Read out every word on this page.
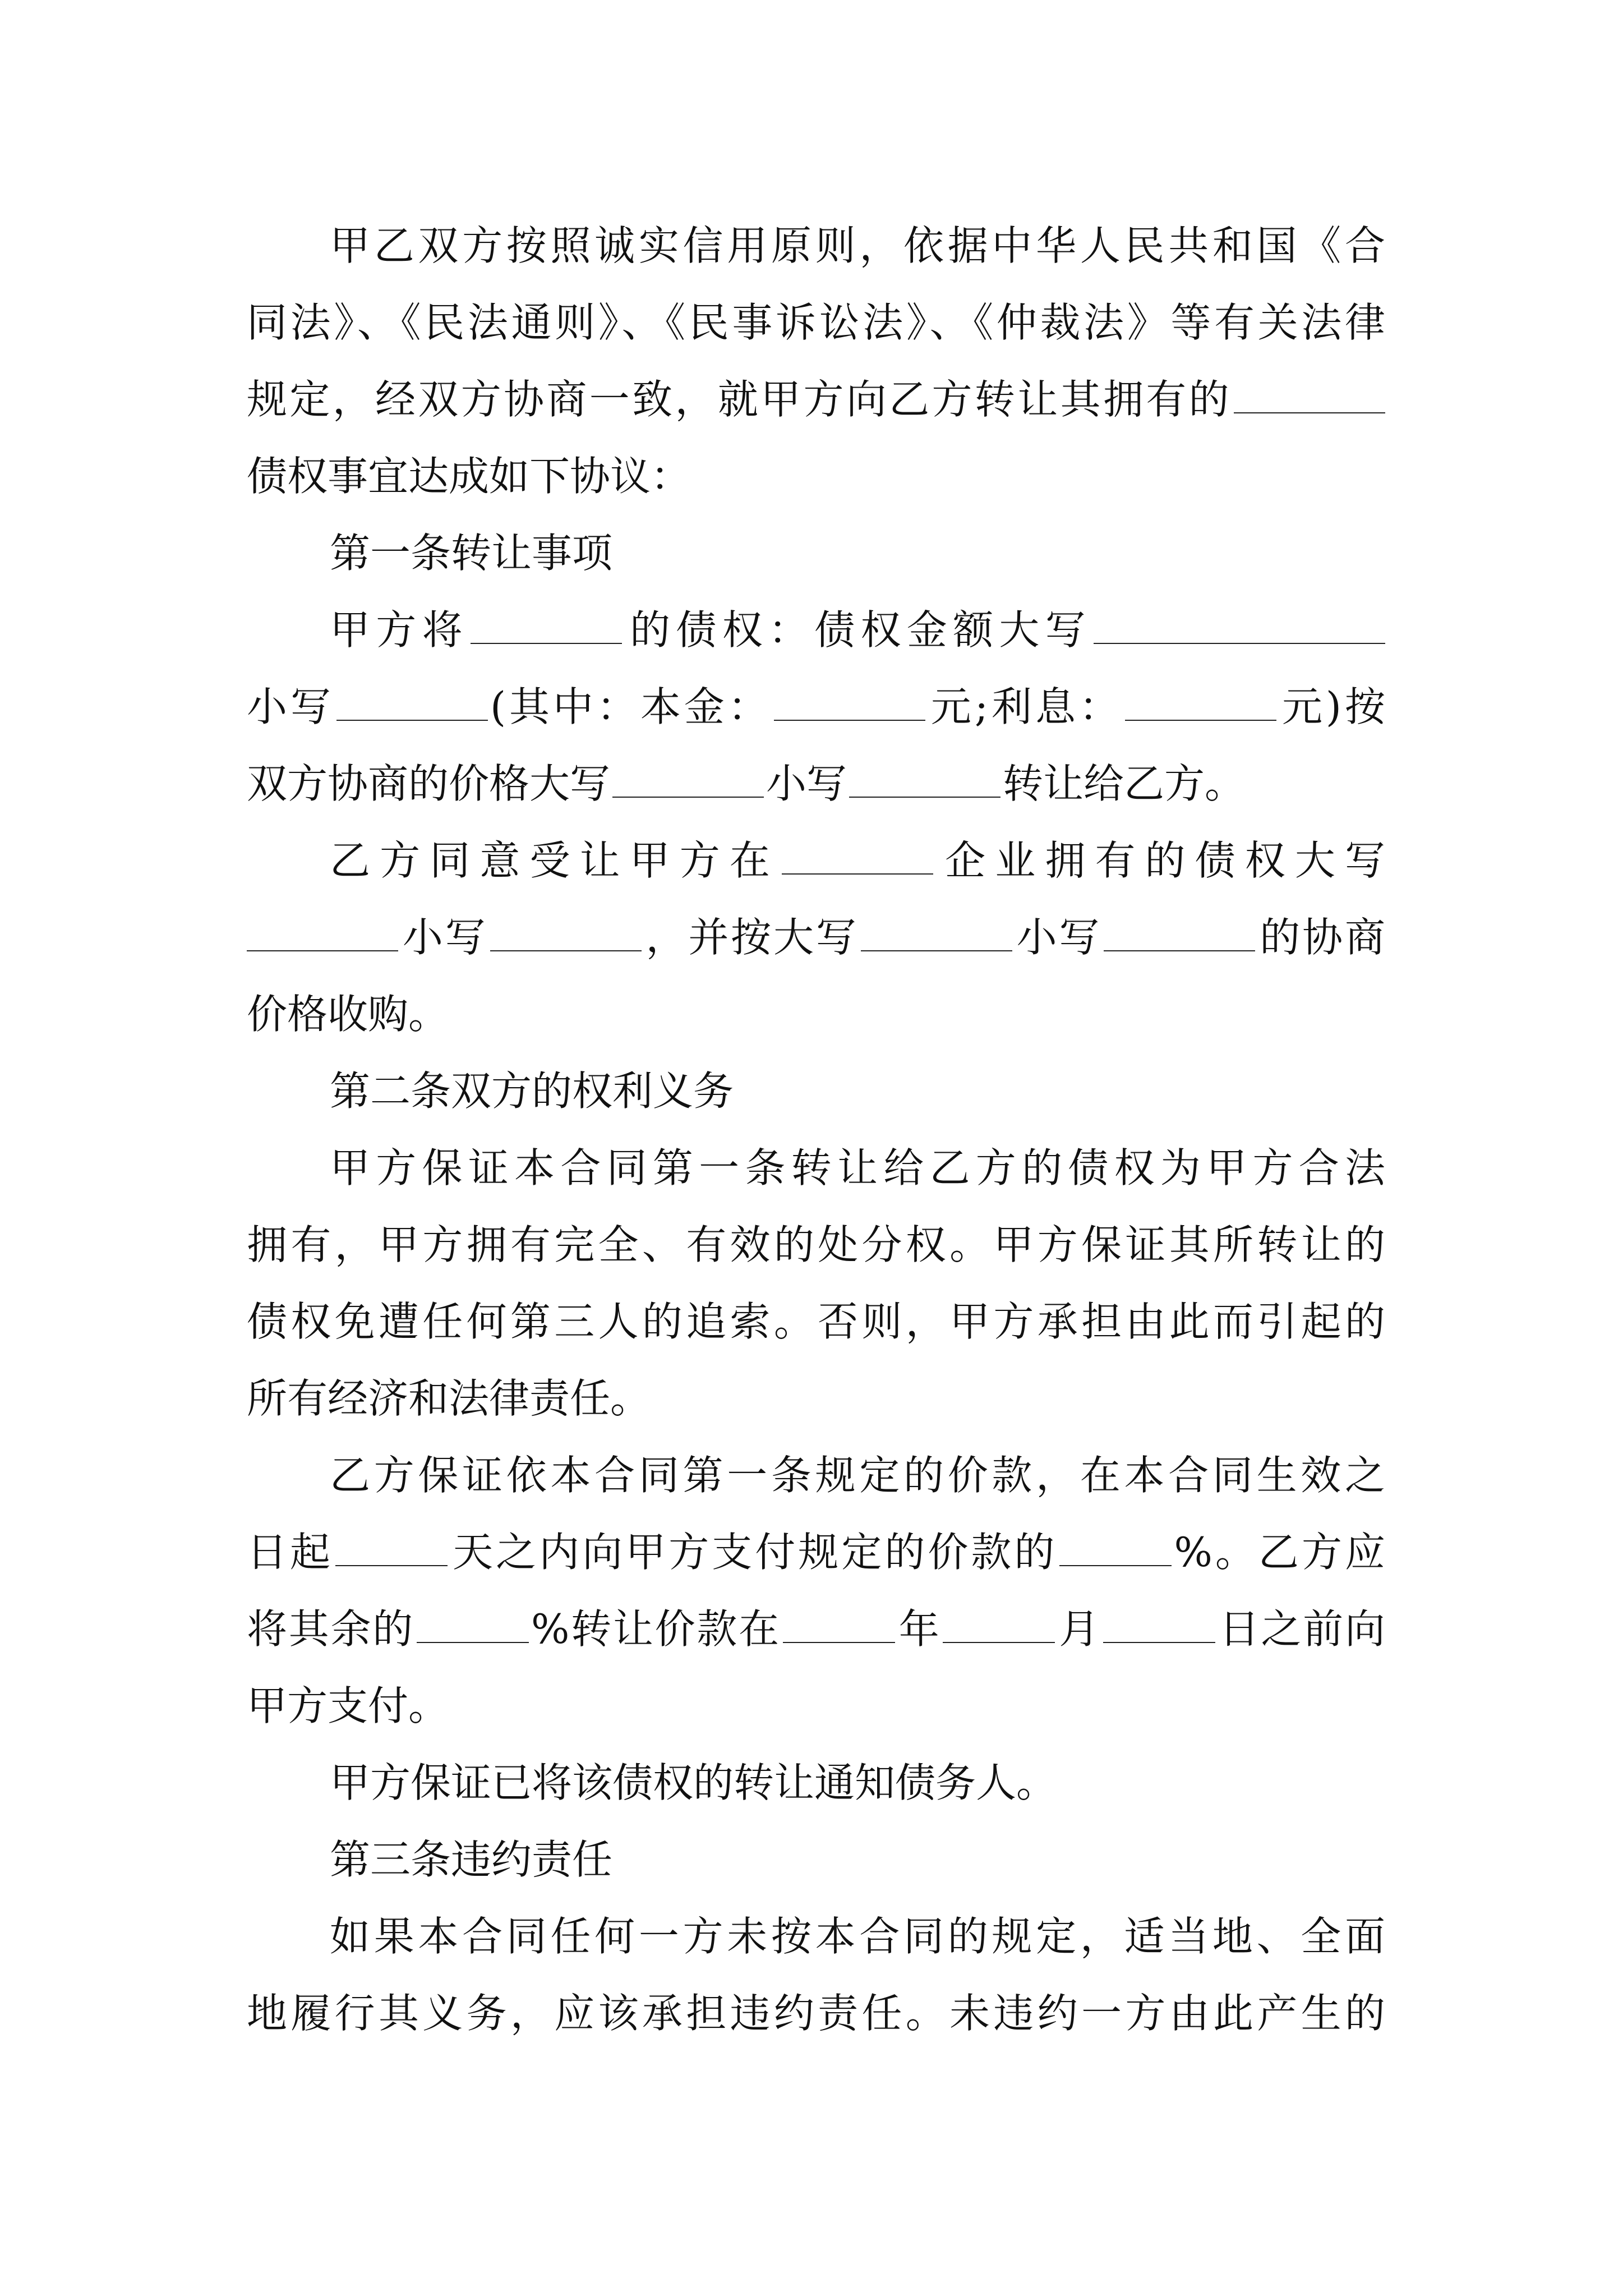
甲乙双方按照诚实信用原则，依据中华人民共和国《合
同法》、《民法通则》、《民事诉讼法》、《仲裁法》等有关法律
规定，经双方协商一致，就甲方向乙方转让其拥有的
债权事宜达成如下协议：
第一条转让事项
甲方将	的债权：债权金额大写
小写	(其中：本金：	元;利息：	元)按
双方协商的价格大写	小写	转让给乙方。
乙方同意受让甲方在	企业拥有的债权大写
小写	，并按大写	小写	的协商
价格收购。
第二条双方的权利义务
甲方保证本合同第一条转让给乙方的债权为甲方合法
拥有，甲方拥有完全、有效的处分权。甲方保证其所转让的
债权免遭任何第三人的追索。否则，甲方承担由此而引起的
所有经济和法律责任。
乙方保证依本合同第一条规定的价款，在本合同生效之
日起	天之内向甲方支付规定的价款的	%。乙方应
将其余的	%转让价款在	年	月	日之前向
甲方支付。
甲方保证已将该债权的转让通知债务人。
第三条违约责任
如果本合同任何一方未按本合同的规定，适当地、全面
地履行其义务，应该承担违约责任。未违约一方由此产生的
